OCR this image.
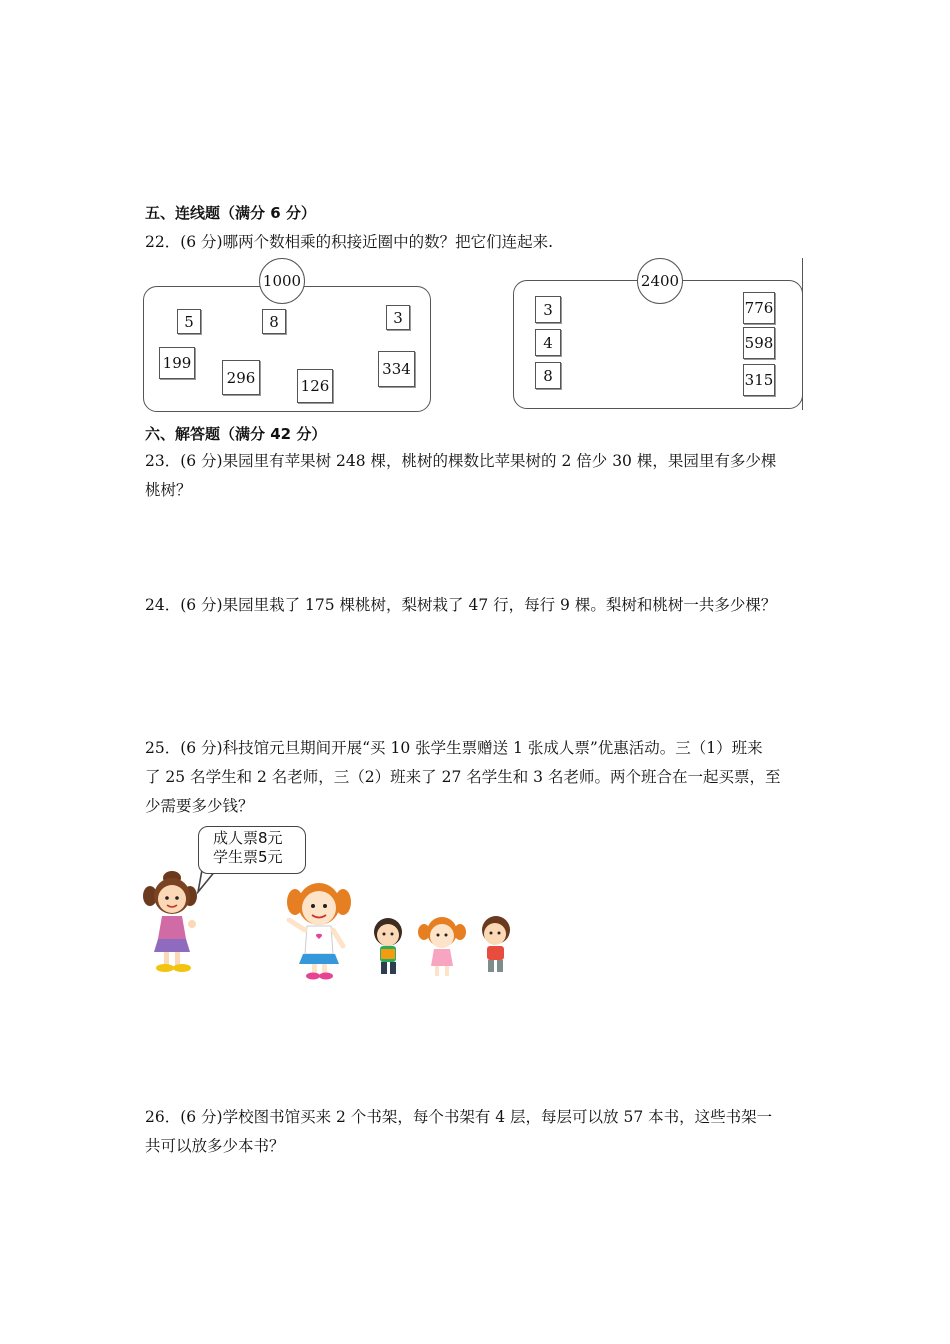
五、连线题（满分 6 分）
22．(6 分)哪两个数相乘的积接近圈中的数？把它们连起来.
1000
5	8	3
199
296	126
334
2400
3
4
8
776
598
315
六、解答题（满分 42 分）
23．(6 分)果园里有苹果树 248 棵，桃树的棵数比苹果树的 2 倍少 30 棵，果园里有多少棵
桃树？
24．(6 分)果园里栽了 175 棵桃树，梨树栽了 47 行，每行 9 棵。梨树和桃树一共多少棵？
25．(6 分)科技馆元旦期间开展“买 10 张学生票赠送 1 张成人票”优惠活动。三（1）班来
了 25 名学生和 2 名老师，三（2）班来了 27 名学生和 3 名老师。两个班合在一起买票，至
少需要多少钱？
成人票8元
学生票5元
26．(6 分)学校图书馆买来 2 个书架，每个书架有 4 层，每层可以放 57 本书，这些书架一
共可以放多少本书？
